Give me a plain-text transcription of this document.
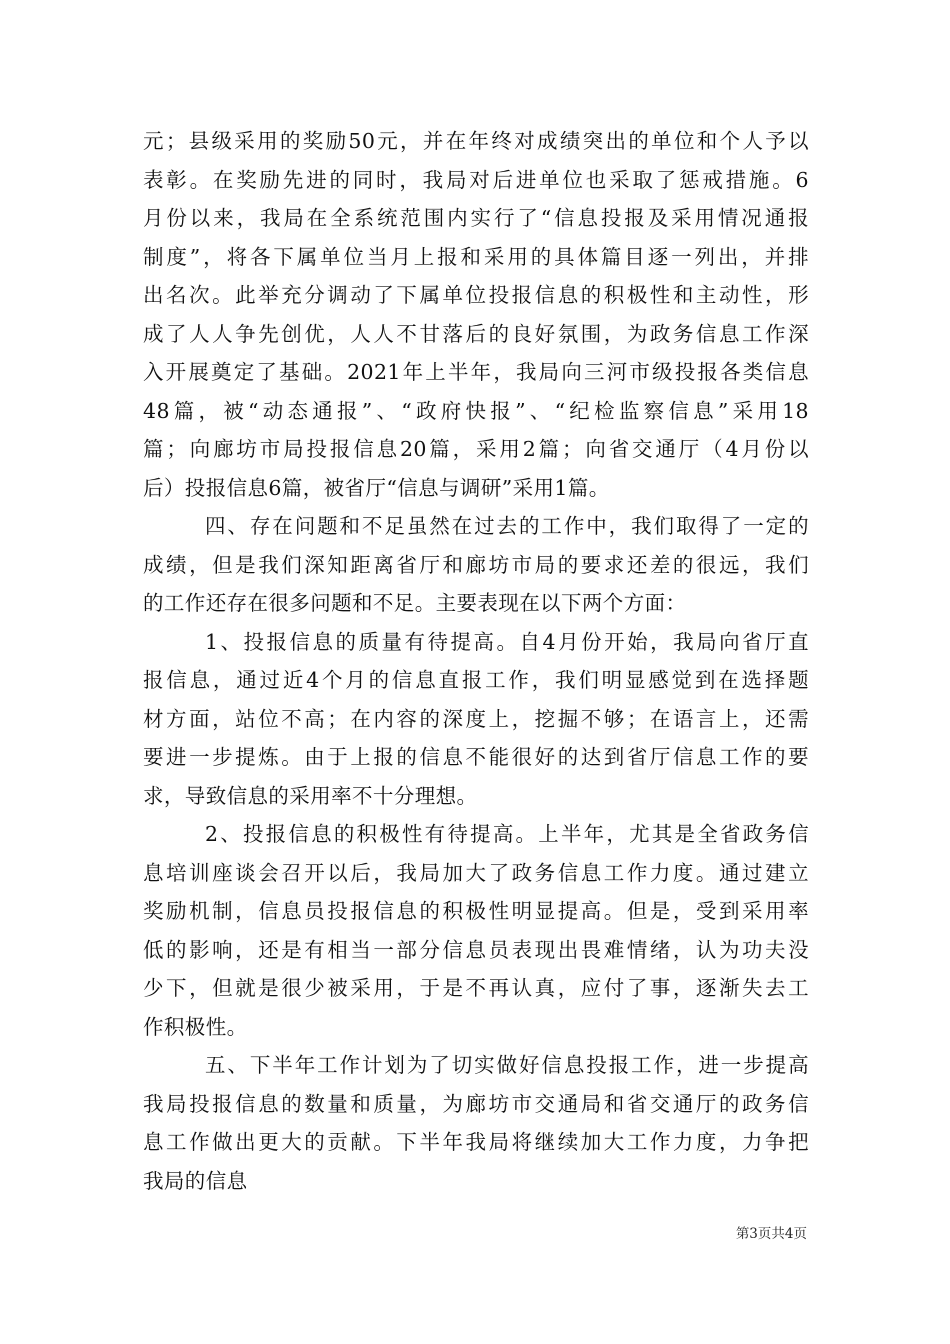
元；县级采用的奖励50元，并在年终对成绩突出的单位和个人予以
表彰。在奖励先进的同时，我局对后进单位也采取了惩戒措施。6
月份以来，我局在全系统范围内实行了“信息投报及采用情况通报
制度”，将各下属单位当月上报和采用的具体篇目逐一列出，并排
出名次。此举充分调动了下属单位投报信息的积极性和主动性，形
成了人人争先创优，人人不甘落后的良好氛围，为政务信息工作深
入开展奠定了基础。2021年上半年，我局向三河市级投报各类信息
48篇，被“动态通报”、“政府快报”、“纪检监察信息”采用18
篇；向廊坊市局投报信息20篇，采用2篇；向省交通厅（4月份以
后）投报信息6篇，被省厅“信息与调研”采用1篇。
四、存在问题和不足虽然在过去的工作中，我们取得了一定的
成绩，但是我们深知距离省厅和廊坊市局的要求还差的很远，我们
的工作还存在很多问题和不足。主要表现在以下两个方面：
1、投报信息的质量有待提高。自4月份开始，我局向省厅直
报信息，通过近4个月的信息直报工作，我们明显感觉到在选择题
材方面，站位不高；在内容的深度上，挖掘不够；在语言上，还需
要进一步提炼。由于上报的信息不能很好的达到省厅信息工作的要
求，导致信息的采用率不十分理想。
2、投报信息的积极性有待提高。上半年，尤其是全省政务信
息培训座谈会召开以后，我局加大了政务信息工作力度。通过建立
奖励机制，信息员投报信息的积极性明显提高。但是，受到采用率
低的影响，还是有相当一部分信息员表现出畏难情绪，认为功夫没
少下，但就是很少被采用，于是不再认真，应付了事，逐渐失去工
作积极性。
五、下半年工作计划为了切实做好信息投报工作，进一步提高
我局投报信息的数量和质量，为廊坊市交通局和省交通厅的政务信
息工作做出更大的贡献。下半年我局将继续加大工作力度，力争把
我局的信息
第3页共4页
